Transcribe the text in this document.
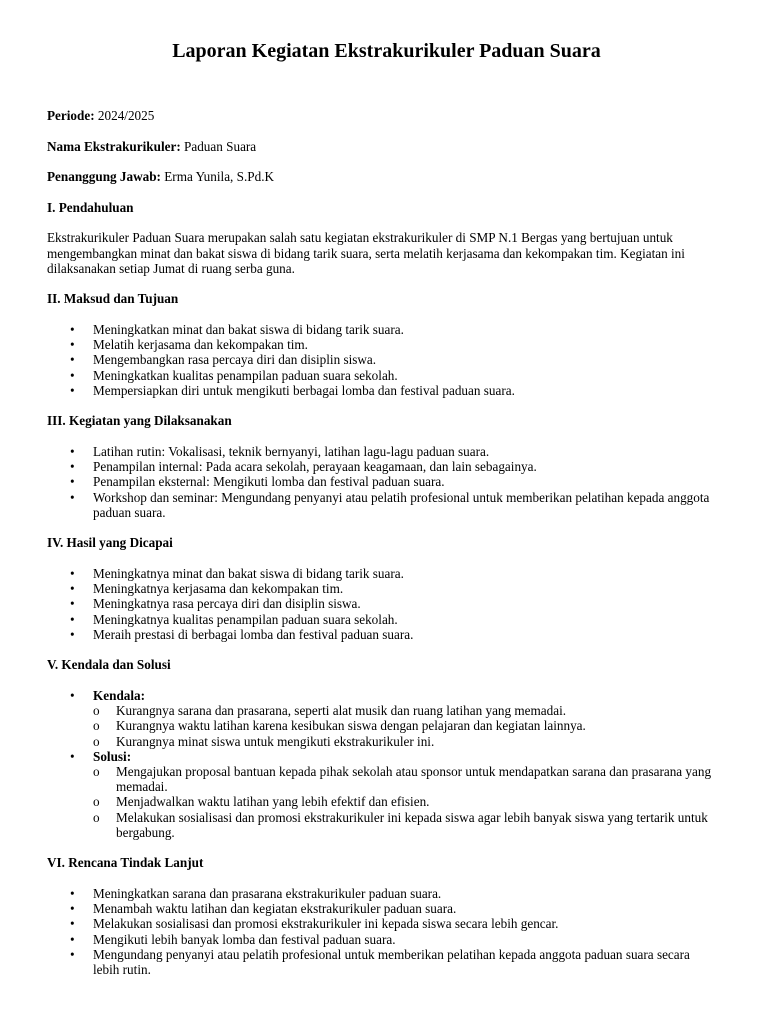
Laporan Kegiatan Ekstrakurikuler Paduan Suara

Periode: 2024/2025

Nama Ekstrakurikuler: Paduan Suara

Penanggung Jawab: Erma Yunila, S.Pd.K

I. Pendahuluan

Ekstrakurikuler Paduan Suara merupakan salah satu kegiatan ekstrakurikuler di SMP N.1 Bergas yang bertujuan untuk mengembangkan minat dan bakat siswa di bidang tarik suara, serta melatih kerjasama dan kekompakan tim. Kegiatan ini dilaksanakan setiap Jumat di ruang serba guna.

II. Maksud dan Tujuan

• Meningkatkan minat dan bakat siswa di bidang tarik suara.
• Melatih kerjasama dan kekompakan tim.
• Mengembangkan rasa percaya diri dan disiplin siswa.
• Meningkatkan kualitas penampilan paduan suara sekolah.
• Mempersiapkan diri untuk mengikuti berbagai lomba dan festival paduan suara.

III. Kegiatan yang Dilaksanakan

• Latihan rutin: Vokalisasi, teknik bernyanyi, latihan lagu-lagu paduan suara.
• Penampilan internal: Pada acara sekolah, perayaan keagamaan, dan lain sebagainya.
• Penampilan eksternal: Mengikuti lomba dan festival paduan suara.
• Workshop dan seminar: Mengundang penyanyi atau pelatih profesional untuk memberikan pelatihan kepada anggota paduan suara.

IV. Hasil yang Dicapai

• Meningkatnya minat dan bakat siswa di bidang tarik suara.
• Meningkatnya kerjasama dan kekompakan tim.
• Meningkatnya rasa percaya diri dan disiplin siswa.
• Meningkatnya kualitas penampilan paduan suara sekolah.
• Meraih prestasi di berbagai lomba dan festival paduan suara.

V. Kendala dan Solusi

• Kendala:
o Kurangnya sarana dan prasarana, seperti alat musik dan ruang latihan yang memadai.
o Kurangnya waktu latihan karena kesibukan siswa dengan pelajaran dan kegiatan lainnya.
o Kurangnya minat siswa untuk mengikuti ekstrakurikuler ini.
• Solusi:
o Mengajukan proposal bantuan kepada pihak sekolah atau sponsor untuk mendapatkan sarana dan prasarana yang memadai.
o Menjadwalkan waktu latihan yang lebih efektif dan efisien.
o Melakukan sosialisasi dan promosi ekstrakurikuler ini kepada siswa agar lebih banyak siswa yang tertarik untuk bergabung.

VI. Rencana Tindak Lanjut

• Meningkatkan sarana dan prasarana ekstrakurikuler paduan suara.
• Menambah waktu latihan dan kegiatan ekstrakurikuler paduan suara.
• Melakukan sosialisasi dan promosi ekstrakurikuler ini kepada siswa secara lebih gencar.
• Mengikuti lebih banyak lomba dan festival paduan suara.
• Mengundang penyanyi atau pelatih profesional untuk memberikan pelatihan kepada anggota paduan suara secara lebih rutin.
